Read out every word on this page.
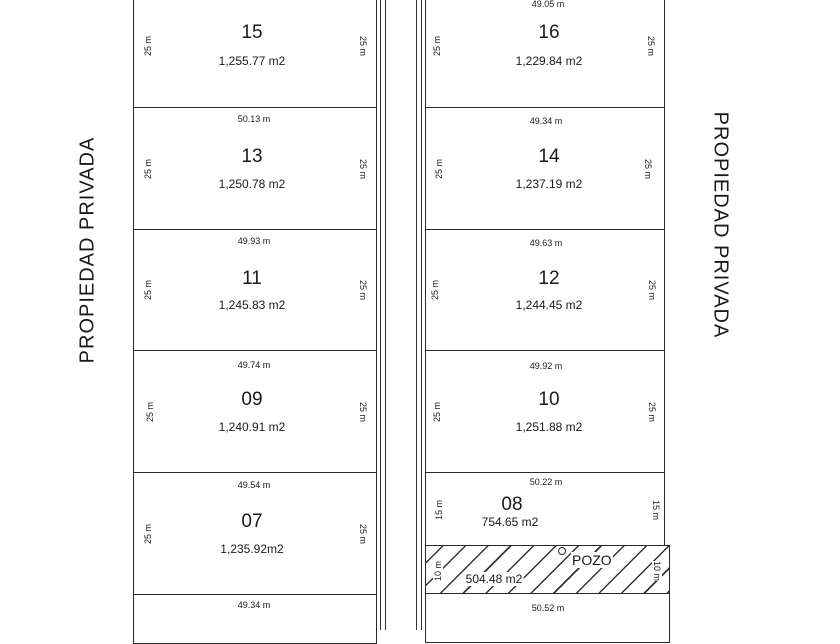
PROPIEDAD PRIVADA	PROPIEDAD PRIVADA
25 m	25 m
15
1,255.77 m2
50.13 m
25 m	25 m
13
1,250.78 m2
49.93 m
25 m	25 m
11
1,245.83 m2
49.74 m
25 m	25 m
09
1,240.91 m2
49.54 m
25 m	25 m
07
1,235.92m2
49.34 m
49.05 m
25 m	25 m
16
1,229.84 m2
49.34 m
25 m	25 m
14
1,237.19 m2
49.63 m
25 m	25 m
12
1,244.45 m2
49.92 m
25 m	25 m
10
1,251.88 m2
50.22 m
15 m	15 m
08
754.65 m2
10 m	10 m
504.48 m2
POZO
50.52 m
